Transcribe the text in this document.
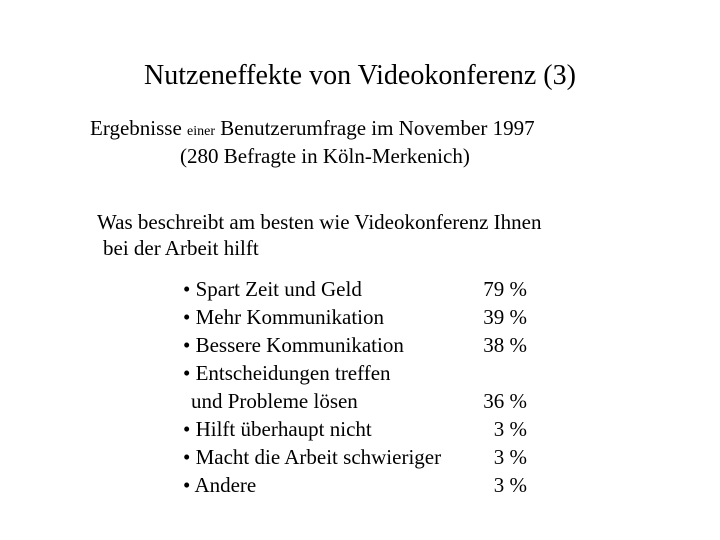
Nutzeneffekte von Videokonferenz (3)
Ergebnisse einer Benutzerumfrage im November 1997
(280 Befragte in Köln-Merkenich)
Was beschreibt am besten wie Videokonferenz Ihnen
bei der Arbeit hilft
• Spart Zeit und Geld	79 %
• Mehr Kommunikation	39 %
• Bessere Kommunikation	38 %
• Entscheidungen treffen
und Probleme lösen	36 %
• Hilft überhaupt nicht	3 %
• Macht die Arbeit schwieriger	3 %
• Andere	3 %
